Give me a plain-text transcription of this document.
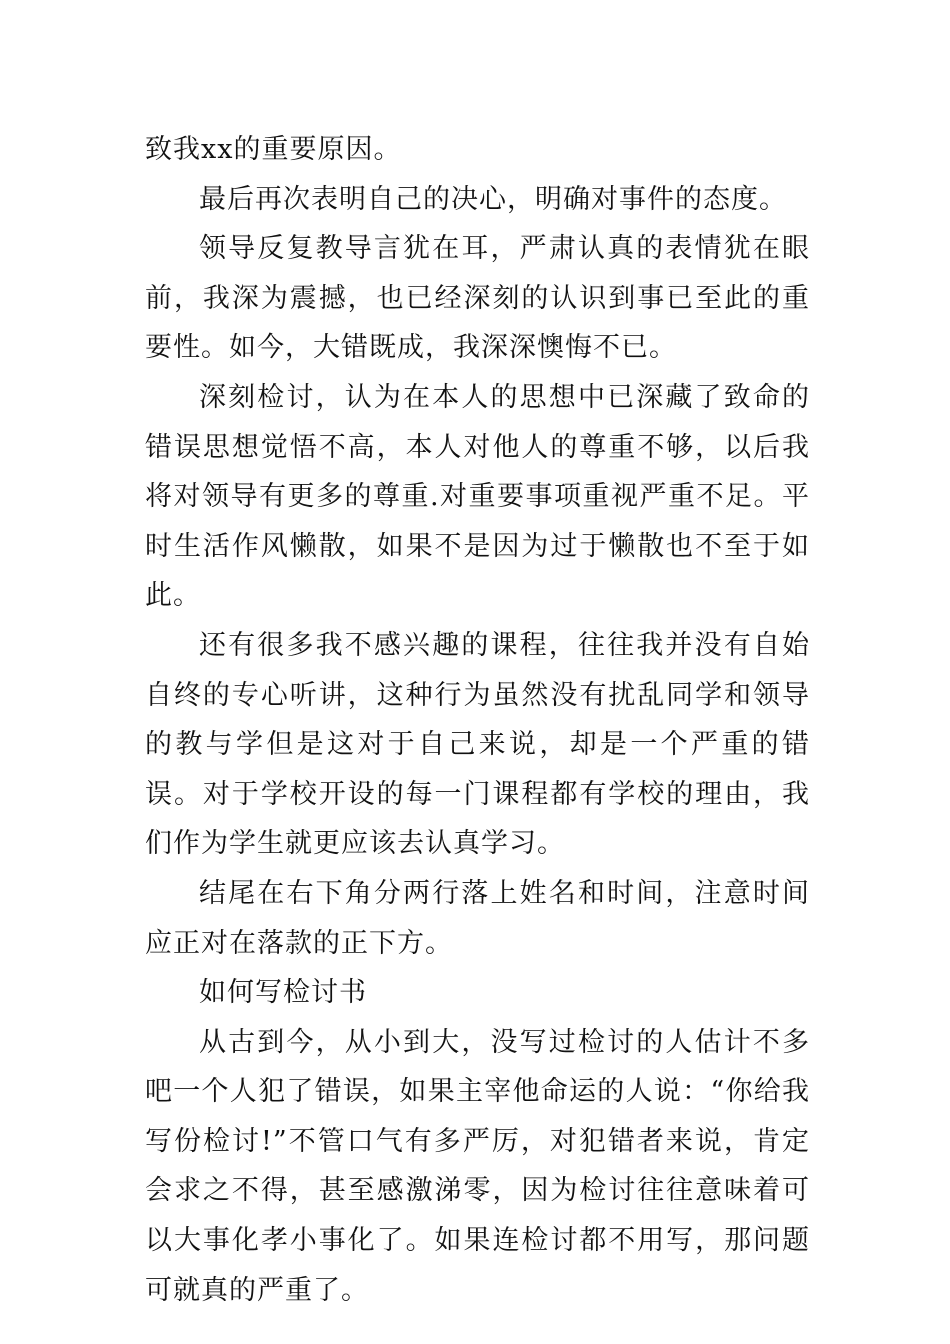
致我xx的重要原因。

最后再次表明自己的决心，明确对事件的态度。

领导反复教导言犹在耳，严肃认真的表情犹在眼前，我深为震撼，也已经深刻的认识到事已至此的重要性。如今，大错既成，我深深懊悔不已。

深刻检讨，认为在本人的思想中已深藏了致命的错误思想觉悟不高，本人对他人的尊重不够，以后我将对领导有更多的尊重.对重要事项重视严重不足。平时生活作风懒散，如果不是因为过于懒散也不至于如此。

还有很多我不感兴趣的课程，往往我并没有自始自终的专心听讲，这种行为虽然没有扰乱同学和领导的教与学但是这对于自己来说，却是一个严重的错误。对于学校开设的每一门课程都有学校的理由，我们作为学生就更应该去认真学习。

结尾在右下角分两行落上姓名和时间，注意时间应正对在落款的正下方。

如何写检讨书

从古到今，从小到大，没写过检讨的人估计不多吧一个人犯了错误，如果主宰他命运的人说：“你给我写份检讨!”不管口气有多严厉，对犯错者来说，肯定会求之不得，甚至感激涕零，因为检讨往往意味着可以大事化孝小事化了。如果连检讨都不用写，那问题可就真的严重了。
